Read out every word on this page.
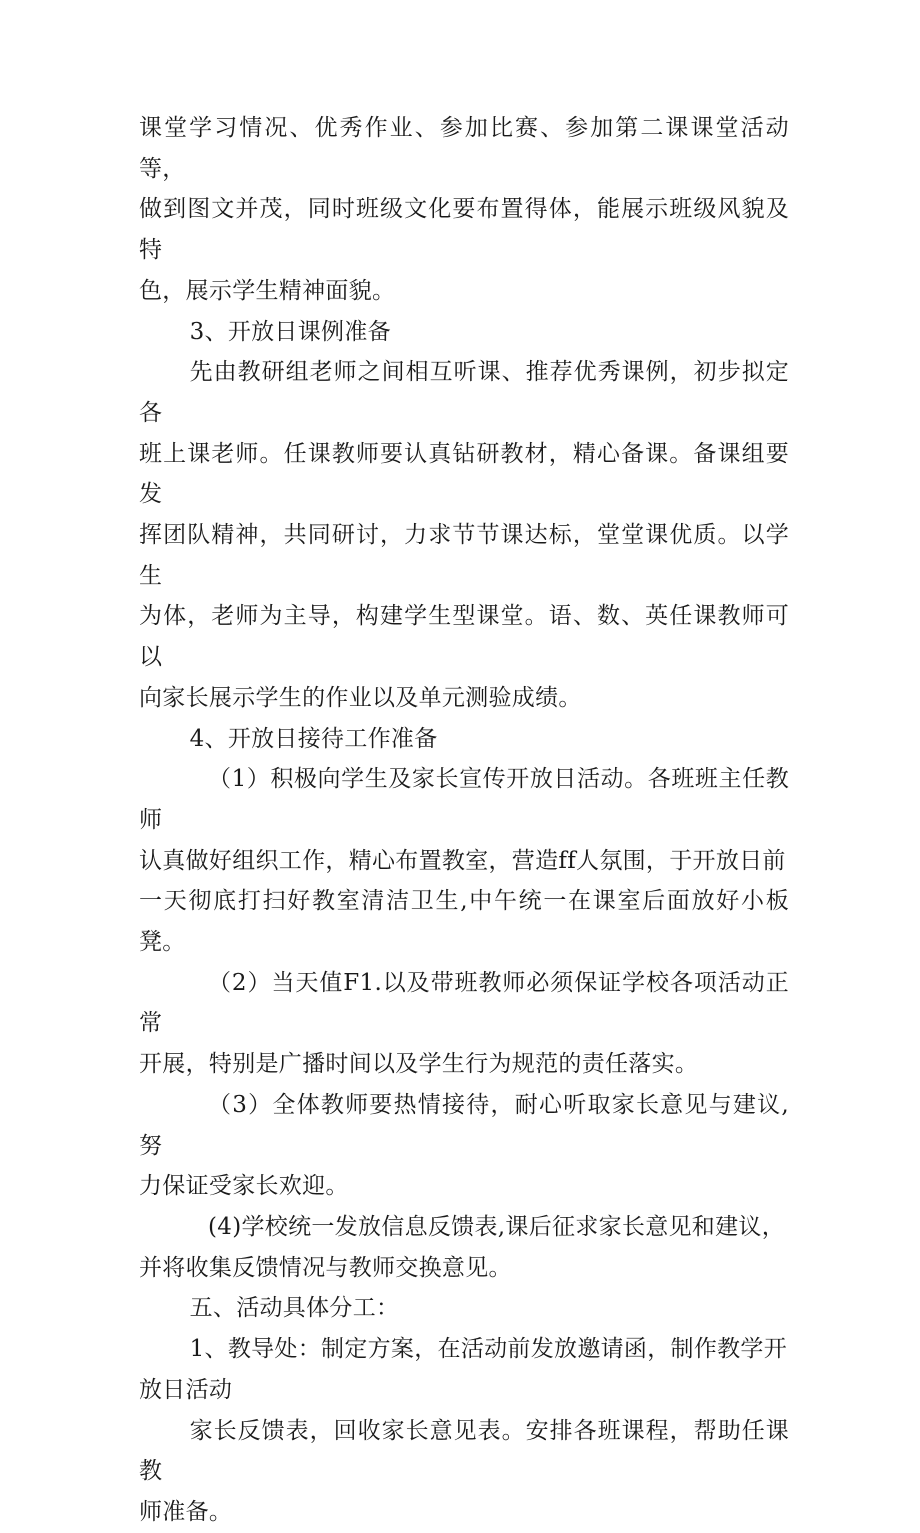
课堂学习情况、优秀作业、参加比赛、参加第二课课堂活动等，
做到图文并茂，同时班级文化要布置得体，能展示班级风貌及特
色，展示学生精神面貌。

3、开放日课例准备

先由教研组老师之间相互听课、推荐优秀课例，初步拟定各
班上课老师。任课教师要认真钻研教材，精心备课。备课组要发
挥团队精神，共同研讨，力求节节课达标，堂堂课优质。以学生
为体，老师为主导，构建学生型课堂。语、数、英任课教师可以
向家长展示学生的作业以及单元测验成绩。

4、开放日接待工作准备

（1）积极向学生及家长宣传开放日活动。各班班主任教师
认真做好组织工作，精心布置教室，营造ff人氛围，于开放日前
一天彻底打扫好教室清洁卫生,中午统一在课室后面放好小板凳。

（2）当天值F1.以及带班教师必须保证学校各项活动正常
开展，特别是广播时间以及学生行为规范的责任落实。

（3）全体教师要热情接待，耐心听取家长意见与建议,努
力保证受家长欢迎。

(4)学校统一发放信息反馈表,课后征求家长意见和建议，
并将收集反馈情况与教师交换意见。

五、活动具体分工：

1、教导处：制定方案，在活动前发放邀请函，制作教学开
放日活动

家长反馈表，回收家长意见表。安排各班课程，帮助任课教
师准备。
